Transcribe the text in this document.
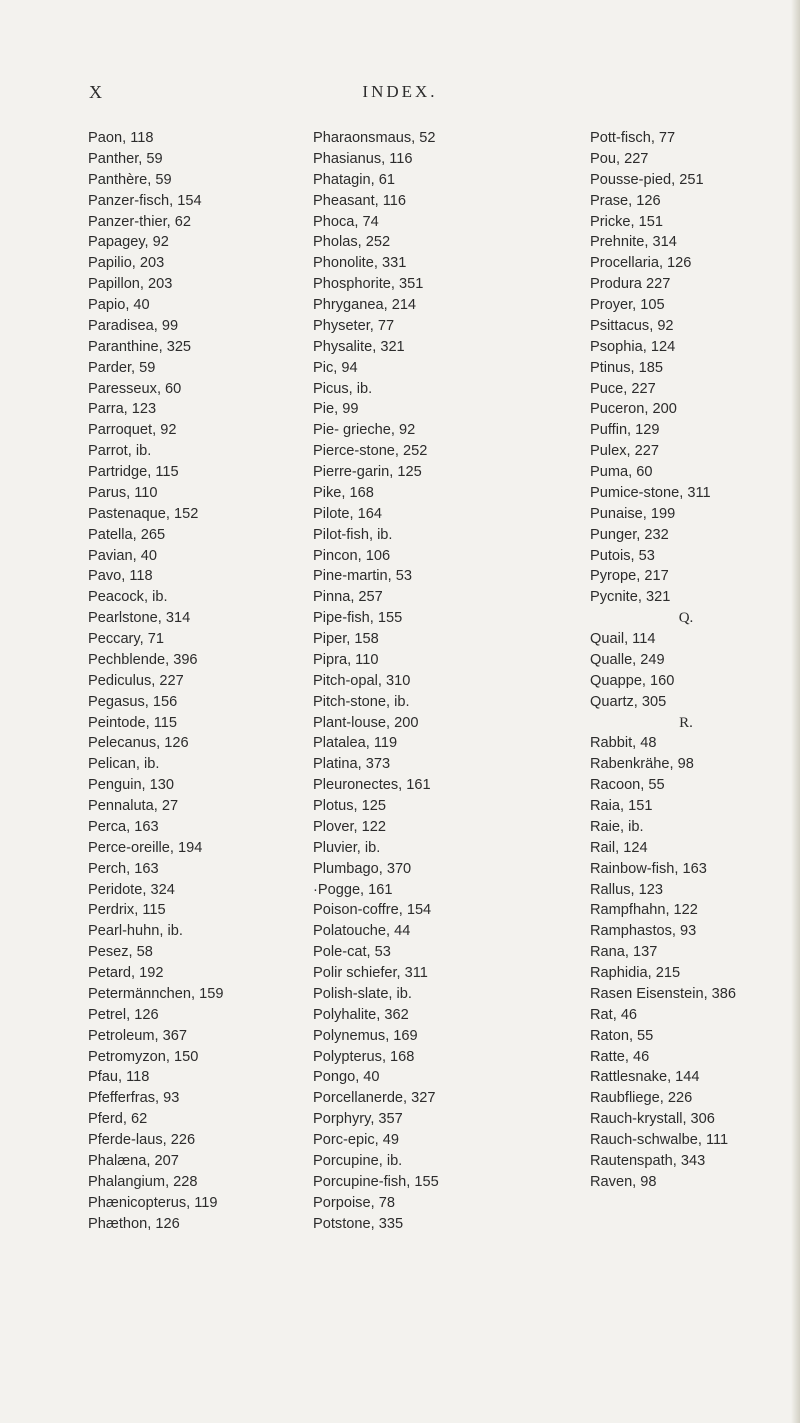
X	INDEX.
Paon, 118
Panther, 59
Panthère, 59
Panzer-fisch, 154
Panzer-thier, 62
Papagey, 92
Papilio, 203
Papillon, 203
Papio, 40
Paradisea, 99
Paranthine, 325
Parder, 59
Paresseux, 60
Parra, 123
Parroquet, 92
Parrot, ib.
Partridge, 115
Parus, 110
Pastenaque, 152
Patella, 265
Pavian, 40
Pavo, 118
Peacock, ib.
Pearlstone, 314
Peccary, 71
Pechblende, 396
Pediculus, 227
Pegasus, 156
Peintode, 115
Pelecanus, 126
Pelican, ib.
Penguin, 130
Pennaluta, 27
Perca, 163
Perce-oreille, 194
Perch, 163
Peridote, 324
Perdrix, 115
Pearl-huhn, ib.
Pesez, 58
Petard, 192
Petermännchen, 159
Petrel, 126
Petroleum, 367
Petromyzon, 150
Pfau, 118
Pfefferfras, 93
Pferd, 62
Pferde-laus, 226
Phalæna, 207
Phalangium, 228
Phænicopterus, 119
Phæthon, 126
Pharaonsmaus, 52
Phasianus, 116
Phatagin, 61
Pheasant, 116
Phoca, 74
Pholas, 252
Phonolite, 331
Phosphorite, 351
Phryganea, 214
Physeter, 77
Physalite, 321
Pic, 94
Picus, ib.
Pie, 99
Pie- grieche, 92
Pierce-stone, 252
Pierre-garin, 125
Pike, 168
Pilote, 164
Pilot-fish, ib.
Pincon, 106
Pine-martin, 53
Pinna, 257
Pipe-fish, 155
Piper, 158
Pipra, 110
Pitch-opal, 310
Pitch-stone, ib.
Plant-louse, 200
Platalea, 119
Platina, 373
Pleuronectes, 161
Plotus, 125
Plover, 122
Pluvier, ib.
Plumbago, 370
·Pogge, 161
Poison-coffre, 154
Polatouche, 44
Pole-cat, 53
Polir schiefer, 311
Polish-slate, ib.
Polyhalite, 362
Polynemus, 169
Polypterus, 168
Pongo, 40
Porcellanerde, 327
Porphyry, 357
Porc-epic, 49
Porcupine, ib.
Porcupine-fish, 155
Porpoise, 78
Potstone, 335
Pott-fisch, 77
Pou, 227
Pousse-pied, 251
Prase, 126
Pricke, 151
Prehnite, 314
Procellaria, 126
Produra 227
Proyer, 105
Psittacus, 92
Psophia, 124
Ptinus, 185
Puce, 227
Puceron, 200
Puffin, 129
Pulex, 227
Puma, 60
Pumice-stone, 311
Punaise, 199
Punger, 232
Putois, 53
Pyrope, 217
Pycnite, 321
Q.
Quail, 114
Qualle, 249
Quappe, 160
Quartz, 305
R.
Rabbit, 48
Rabenkrähe, 98
Racoon, 55
Raia, 151
Raie, ib.
Rail, 124
Rainbow-fish, 163
Rallus, 123
Rampfhahn, 122
Ramphastos, 93
Rana, 137
Raphidia, 215
Rasen Eisenstein, 386
Rat, 46
Raton, 55
Ratte, 46
Rattlesnake, 144
Raubfliege, 226
Rauch-krystall, 306
Rauch-schwalbe, 111
Rautenspath, 343
Raven, 98
